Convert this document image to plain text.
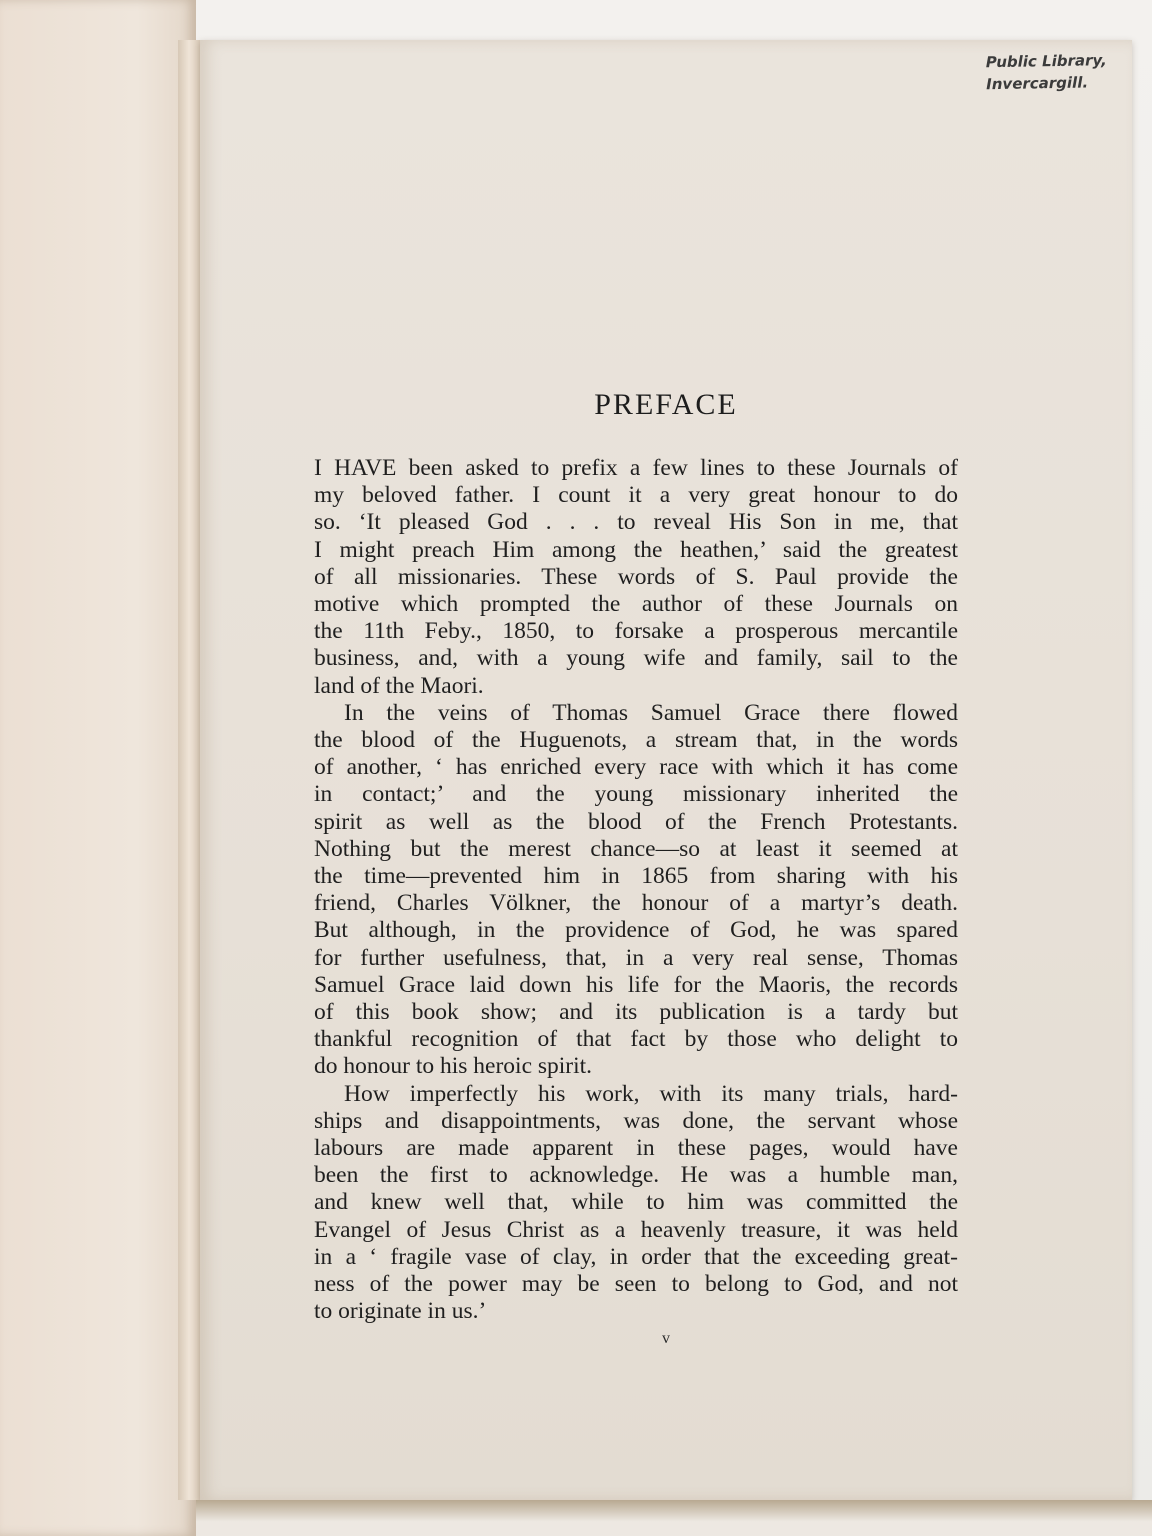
Public Library,
Invercargill.
PREFACE
I HAVE been asked to prefix a few lines to these Journals of
my beloved father. I count it a very great honour to do
so. ‘It pleased God . . . to reveal His Son in me, that
I might preach Him among the heathen,’ said the greatest
of all missionaries. These words of S. Paul provide the
motive which prompted the author of these Journals on
the 11th Feby., 1850, to forsake a prosperous mercantile
business, and, with a young wife and family, sail to the
land of the Maori.
In the veins of Thomas Samuel Grace there flowed
the blood of the Huguenots, a stream that, in the words
of another, ‘ has enriched every race with which it has come
in contact;’ and the young missionary inherited the
spirit as well as the blood of the French Protestants.
Nothing but the merest chance—so at least it seemed at
the time—prevented him in 1865 from sharing with his
friend, Charles Völkner, the honour of a martyr’s death.
But although, in the providence of God, he was spared
for further usefulness, that, in a very real sense, Thomas
Samuel Grace laid down his life for the Maoris, the records
of this book show; and its publication is a tardy but
thankful recognition of that fact by those who delight to
do honour to his heroic spirit.
How imperfectly his work, with its many trials, hard-
ships and disappointments, was done, the servant whose
labours are made apparent in these pages, would have
been the first to acknowledge. He was a humble man,
and knew well that, while to him was committed the
Evangel of Jesus Christ as a heavenly treasure, it was held
in a ‘ fragile vase of clay, in order that the exceeding great-
ness of the power may be seen to belong to God, and not
to originate in us.’
v
